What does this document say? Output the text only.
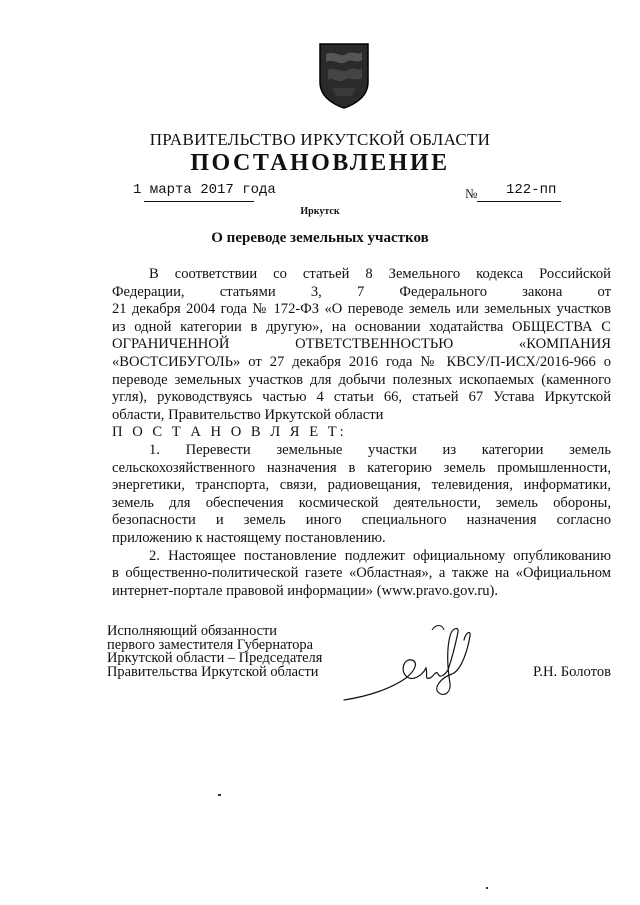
ПРАВИТЕЛЬСТВО ИРКУТСКОЙ ОБЛАСТИ
ПОСТАНОВЛЕНИЕ
1 марта 2017 года	№ 122-пп
Иркутск
О переводе земельных участков
В соответствии со статьей 8 Земельного кодекса Российской
Федерации, статьями 3, 7 Федерального закона от
21 декабря 2004 года № 172-ФЗ «О переводе земель или земельных участков
из одной категории в другую», на основании ходатайства ОБЩЕСТВА С
ОГРАНИЧЕННОЙ ОТВЕТСТВЕННОСТЬЮ «КОМПАНИЯ
«ВОСТСИБУГОЛЬ» от 27 декабря 2016 года № КВСУ/П-ИСХ/2016-966 о
переводе земельных участков для добычи полезных ископаемых (каменного
угля), руководствуясь частью 4 статьи 66, статьей 67 Устава Иркутской
области, Правительство Иркутской области
П О С Т А Н О В Л Я Е Т:
1. Перевести земельные участки из категории земель
сельскохозяйственного назначения в категорию земель промышленности,
энергетики, транспорта, связи, радиовещания, телевидения, информатики,
земель для обеспечения космической деятельности, земель обороны,
безопасности и земель иного специального назначения согласно
приложению к настоящему постановлению.
2. Настоящее постановление подлежит официальному опубликованию
в общественно-политической газете «Областная», а также на «Официальном
интернет-портале правовой информации» (www.pravo.gov.ru).
Исполняющий обязанности
первого заместителя Губернатора
Иркутской области – Председателя
Правительства Иркутской области	Р.Н. Болотов
